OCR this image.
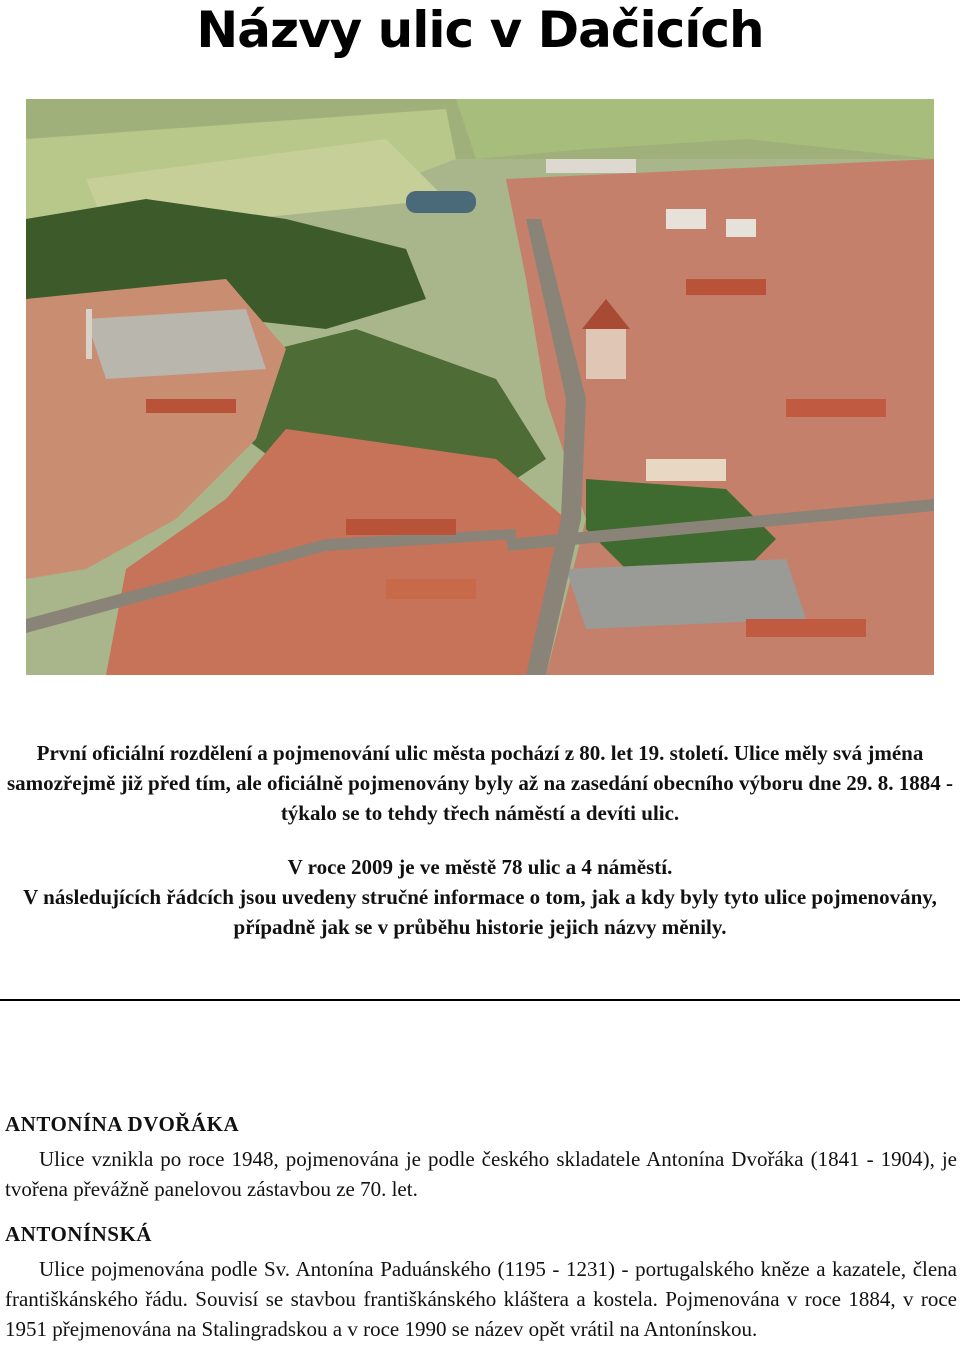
Názvy ulic v Dačicích
První oficiální rozdělení a pojmenování ulic města pochází z 80. let 19. století. Ulice měly svá jména samozřejmě již před tím, ale oficiálně pojmenovány byly až na zasedání obecního výboru dne 29. 8. 1884 - týkalo se to tehdy třech náměstí a devíti ulic.
V roce 2009 je ve městě 78 ulic a 4 náměstí.
V následujících řádcích jsou uvedeny stručné informace o tom, jak a kdy byly tyto ulice pojmenovány, případně jak se v průběhu historie jejich názvy měnily.
ANTONÍNA DVOŘÁKA
Ulice vznikla po roce 1948, pojmenována je podle českého skladatele Antonína Dvořáka (1841 - 1904), je tvořena převážně panelovou zástavbou ze 70. let.
ANTONÍNSKÁ
Ulice pojmenována podle Sv. Antonína Paduánského (1195 - 1231) - portugalského kněze a kazatele, člena františkánského řádu. Souvisí se stavbou františkánského kláštera a kostela. Pojmenována v roce 1884, v roce 1951 přejmenována na Stalingradskou a v roce 1990 se název opět vrátil na Antonínskou.
